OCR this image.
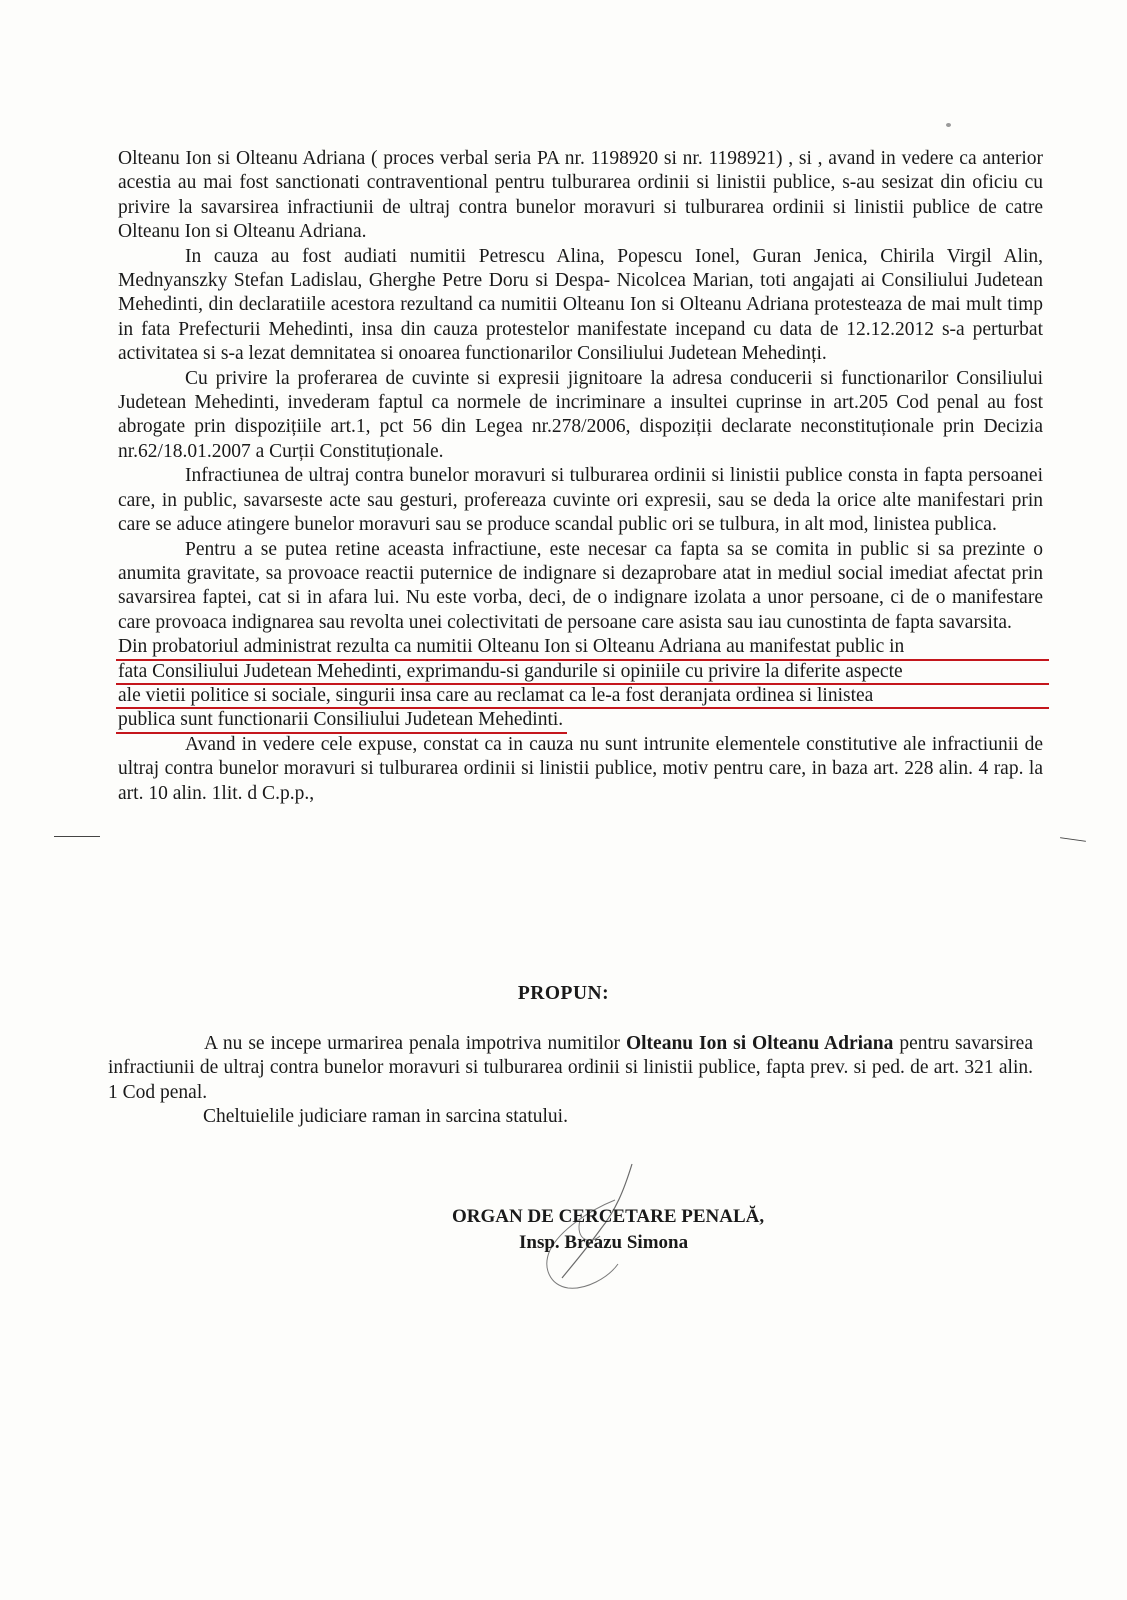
Olteanu Ion si Olteanu Adriana ( proces verbal seria PA nr. 1198920 si nr. 1198921) , si , avand in vedere ca anterior acestia au mai fost sanctionati contraventional pentru tulburarea ordinii si linistii publice, s-au sesizat din oficiu cu privire la savarsirea infractiunii de ultraj contra bunelor moravuri si tulburarea ordinii si linistii publice de catre Olteanu Ion si Olteanu Adriana.

In cauza au fost audiati numitii Petrescu Alina, Popescu Ionel, Guran Jenica, Chirila Virgil Alin, Mednyanszky Stefan Ladislau, Gherghe Petre Doru si Despa- Nicolcea Marian, toti angajati ai Consiliului Judetean Mehedinti, din declaratiile acestora rezultand ca numitii Olteanu Ion si Olteanu Adriana protesteaza de mai mult timp in fata Prefecturii Mehedinti, insa din cauza protestelor manifestate incepand cu data de 12.12.2012 s-a perturbat activitatea si s-a lezat demnitatea si onoarea functionarilor Consiliului Judetean Mehedinți.

Cu privire la proferarea de cuvinte si expresii jignitoare la adresa conducerii si functionarilor Consiliului Judetean Mehedinti, invederam faptul ca normele de incriminare a insultei cuprinse in art.205 Cod penal au fost abrogate prin dispozițiile art.1, pct 56 din Legea nr.278/2006, dispoziții declarate neconstituționale prin Decizia nr.62/18.01.2007 a Curții Constituționale.

Infractiunea de ultraj contra bunelor moravuri si tulburarea ordinii si linistii publice consta in fapta persoanei care, in public, savarseste acte sau gesturi, profereaza cuvinte ori expresii, sau se deda la orice alte manifestari prin care se aduce atingere bunelor moravuri sau se produce scandal public ori se tulbura, in alt mod, linistea publica.

Pentru a se putea retine aceasta infractiune, este necesar ca fapta sa se comita in public si sa prezinte o anumita gravitate, sa provoace reactii puternice de indignare si dezaprobare atat in mediul social imediat afectat prin savarsirea faptei, cat si in afara lui. Nu este vorba, deci, de o indignare izolata a unor persoane, ci de o manifestare care provoaca indignarea sau revolta unei colectivitati de persoane care asista sau iau cunostinta de fapta savarsita.

Din probatoriul administrat rezulta ca numitii Olteanu Ion si Olteanu Adriana au manifestat public in

fata Consiliului Judetean Mehedinti, exprimandu-si gandurile si opiniile cu privire la diferite aspecte

ale vietii politice si sociale, singurii insa care au reclamat ca le-a fost deranjata ordinea si linistea

publica sunt functionarii Consiliului Judetean Mehedinti.

Avand in vedere cele expuse, constat ca in cauza nu sunt intrunite elementele constitutive ale infractiunii de ultraj contra bunelor moravuri si tulburarea ordinii si linistii publice, motiv pentru care, in baza art. 228 alin. 4 rap. la art. 10 alin. 1lit. d C.p.p.,

PROPUN:

A nu se incepe urmarirea penala impotriva numitilor Olteanu Ion si Olteanu Adriana pentru savarsirea infractiunii de ultraj contra bunelor moravuri si tulburarea ordinii si linistii publice, fapta prev. si ped. de art. 321 alin. 1 Cod penal.

Cheltuielile judiciare raman in sarcina statului.

ORGAN DE CERCETARE PENALĂ,
Insp. Breazu Simona
